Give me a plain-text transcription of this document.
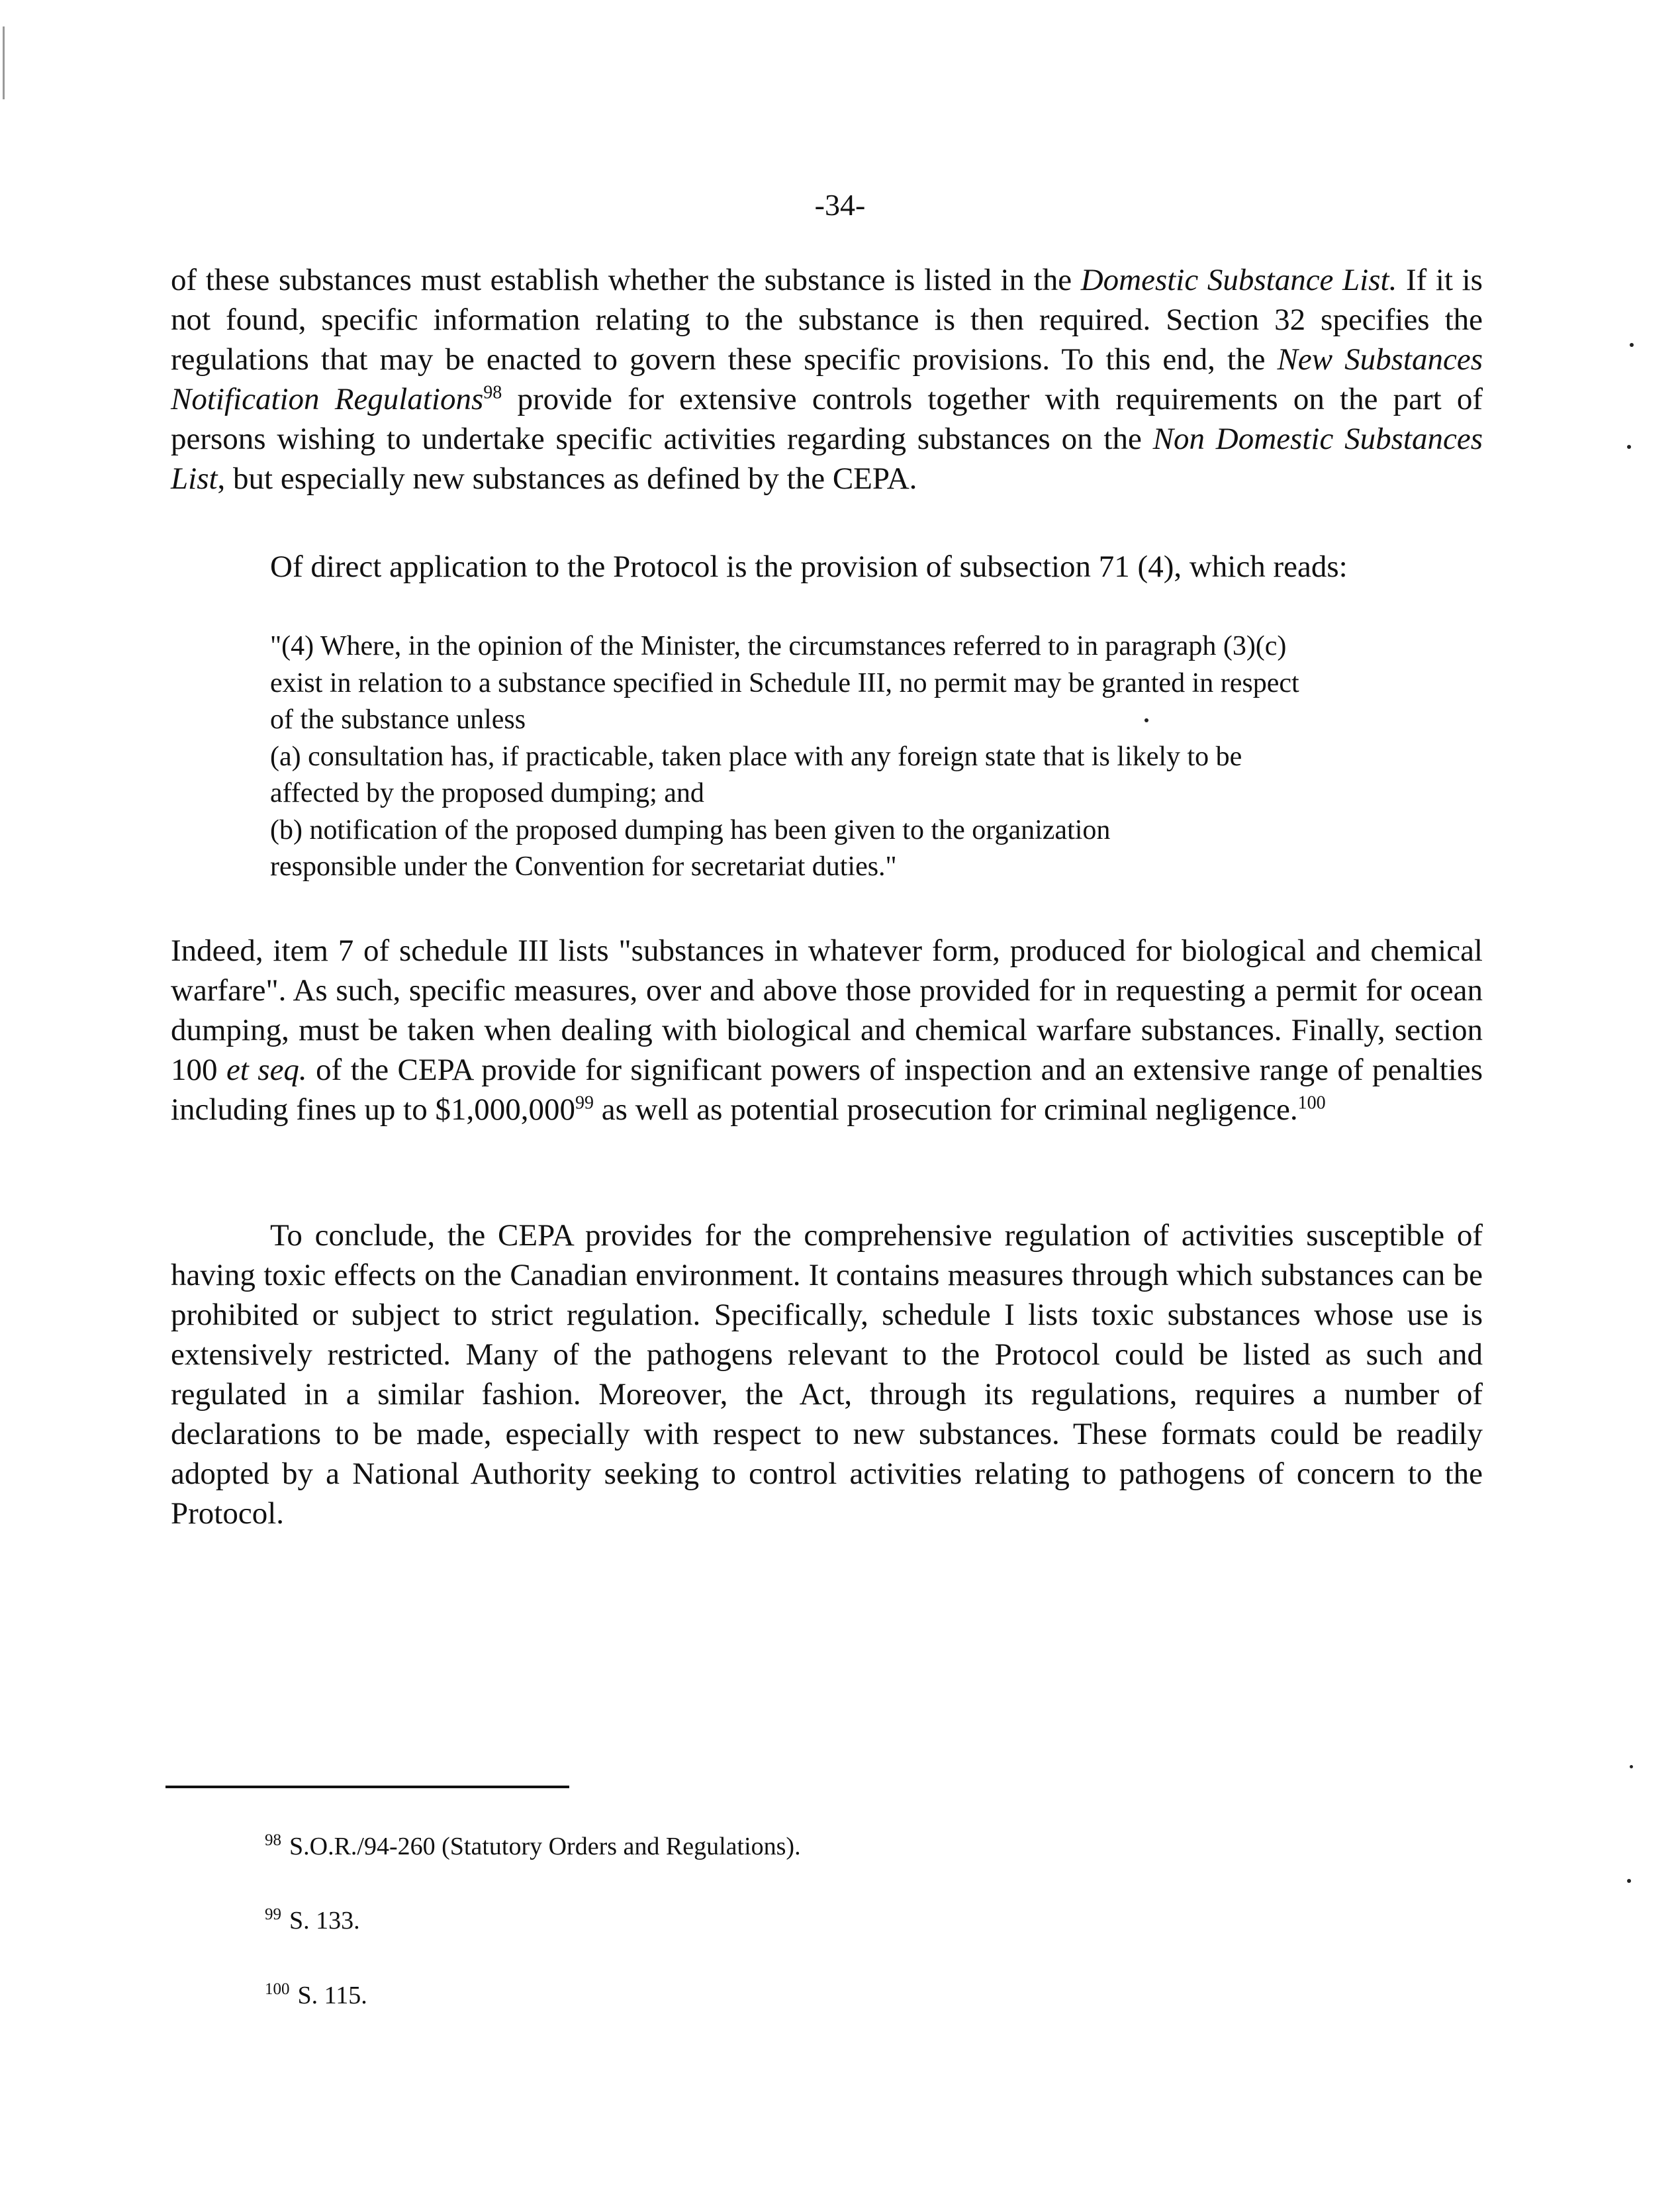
-34-

of these substances must establish whether the substance is listed in the Domestic Substance List. If it is not found, specific information relating to the substance is then required. Section 32 specifies the regulations that may be enacted to govern these specific provisions. To this end, the New Substances Notification Regulations$^{98}$ provide for extensive controls together with requirements on the part of persons wishing to undertake specific activities regarding substances on the Non Domestic Substances List, but especially new substances as defined by the CEPA.

Of direct application to the Protocol is the provision of subsection 71 (4), which reads:

"(4) Where, in the opinion of the Minister, the circumstances referred to in paragraph (3)(c)
exist in relation to a substance specified in Schedule III, no permit may be granted in respect
of the substance unless
(a) consultation has, if practicable, taken place with any foreign state that is likely to be
affected by the proposed dumping; and
(b) notification of the proposed dumping has been given to the organization
responsible under the Convention for secretariat duties."

Indeed, item 7 of schedule III lists "substances in whatever form, produced for biological and chemical warfare". As such, specific measures, over and above those provided for in requesting a permit for ocean dumping, must be taken when dealing with biological and chemical warfare substances. Finally, section 100 et seq. of the CEPA provide for significant powers of inspection and an extensive range of penalties including fines up to $1,000,000$^{99}$ as well as potential prosecution for criminal negligence.$^{100}$

To conclude, the CEPA provides for the comprehensive regulation of activities susceptible of having toxic effects on the Canadian environment. It contains measures through which substances can be prohibited or subject to strict regulation. Specifically, schedule I lists toxic substances whose use is extensively restricted. Many of the pathogens relevant to the Protocol could be listed as such and regulated in a similar fashion. Moreover, the Act, through its regulations, requires a number of declarations to be made, especially with respect to new substances. These formats could be readily adopted by a National Authority seeking to control activities relating to pathogens of concern to the Protocol.

$^{98}$ S.O.R./94-260 (Statutory Orders and Regulations).
$^{99}$ S. 133.
$^{100}$ S. 115.
